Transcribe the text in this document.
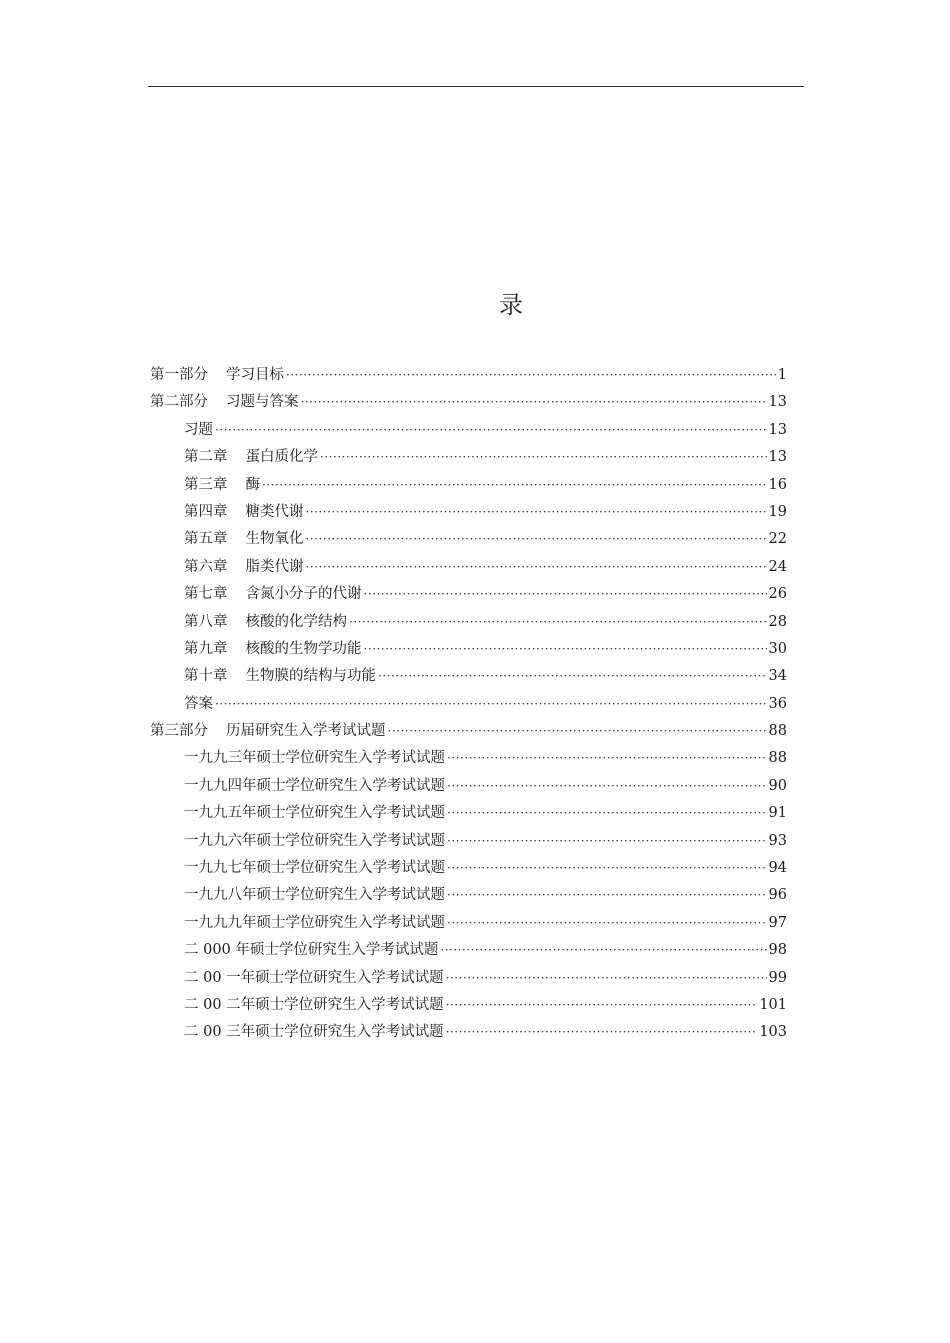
录
第一部分 学习目标 ·····	1
第二部分 习题与答案 ·····	13
习题 ·····	13
第二章 蛋白质化学 ·····	13
第三章 酶 ·····	16
第四章 糖类代谢 ·····	19
第五章 生物氧化 ·····	22
第六章 脂类代谢 ·····	24
第七章 含氮小分子的代谢 ·····	26
第八章 核酸的化学结构 ·····	28
第九章 核酸的生物学功能 ·····	30
第十章 生物膜的结构与功能 ·····	34
答案 ·····	36
第三部分 历届研究生入学考试试题 ·····	88
一九九三年硕士学位研究生入学考试试题 ·····	88
一九九四年硕士学位研究生入学考试试题 ·····	90
一九九五年硕士学位研究生入学考试试题 ·····	91
一九九六年硕士学位研究生入学考试试题 ·····	93
一九九七年硕士学位研究生入学考试试题 ·····	94
一九九八年硕士学位研究生入学考试试题 ·····	96
一九九九年硕士学位研究生入学考试试题 ·····	97
二 000 年硕士学位研究生入学考试试题 ·····	98
二 00 一年硕士学位研究生入学考试试题 ·····	99
二 00 二年硕士学位研究生入学考试试题 ·····	101
二 00 三年硕士学位研究生入学考试试题 ·····	103
